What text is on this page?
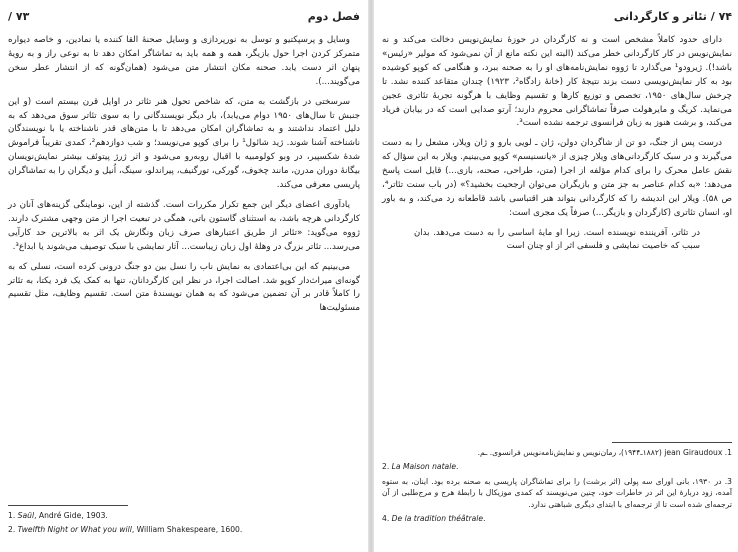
فصل دوم
۷۳ /

وسایل و پرسپکتیو و توسل به نورپردازی و وسایل صحنهٔ القا کننده یا نمادین، و خاصه دیواره متمرکز کردن اجرا حول بازیگر، همه و همه باید به تماشاگر امکان دهد تا به نوعی راز و به رویهٔ پنهان اثر دست یابد. صحنه مکان انتشار متن می‌شود (همان‌گونه که از انتشار عطر سخن می‌گویند...).

سرسختی در بازگشت به متن، که شاخص تحول هنر تئاتر در اوایل قرن بیستم است (و این جنبش تا سال‌های ۱۹۵۰ دوام می‌یابد)، بار دیگر نویسندگانی را به سوی تئاتر سوق می‌دهد که به دلیل اعتماد نداشتند و به تماشاگران امکان می‌دهد تا با متن‌های قدر ناشناخته یا با نویسندگان ناشناخته آشنا شوند. ژید شائول¹ را برای کوپو می‌نویسد؛ و شب دوازدهم²، کمدی تقریباً فراموش شدهٔ شکسپیر، در وبو کولومبیه با اقبال روبه‌رو می‌شود و اثر ژرژ پیتوئف بیشتر نمایش‌نویسان بیگانهٔ دوران مدرن، مانند چخوف، گورکی، تورگنیف، پیراندلو، سینگ، اُنیل و دیگران را به تماشاگران پاریسی معرفی می‌کند.

یادآوری اعضای دیگر این جمع تکرار مکررات است. گذشته از این، نوماینگی گزینه‌های آنان در کارگردانی هرچه باشد، به استثنای گاستون باتی، همگی در تبعیت اجرا از متن وجهی مشترک دارند. ژووه می‌گوید: «تئاتر از طریق اعتبارهای صرف زبان ونگارش یک اثر به بالاترین حد کارآیی می‌رسد... تئاتر بزرگ در وهلهٔ اول زبان زیباست... آثار نمایشی با سبک توصیف می‌شوند یا ابداع³.

می‌بینیم که این بی‌اعتمادی به نمایش ناب را نسل بین دو جنگ درونی کرده است، نسلی که به گونه‌ای میراث‌دار کوپو شد. اصالت اجرا، در نظر این کارگردانان، تنها به کمک یک فرد یکتا، به تئاتر را کاملاً قادر بر آن تضمین می‌شود که به همان نویسندهٔ متن است. تقسیم وظایف، مثل تقسیم مسئولیت‌ها

1. Saül, André Gide, 1903.
2. Twelfth Night or What you will, William Shakespeare, 1600.
۷۴ / تئاتر و کارگردانی

دارای حدود کاملاً مشخص است و نه کارگردان در حوزهٔ نمایش‌نویس دخالت می‌کند و نه نمایش‌نویس در کار کارگردانی خطر می‌کند (البته این نکته مانع از آن نمی‌شود که مولیر «رئیس» باشد!). ژیرودو¹ می‌گذارد تا ژووه نمایش‌نامه‌های او را به صحنه ببرد، و هنگامی که کوپو کوشیده بود به کار نمایش‌نویسی دست بزند نتیجهٔ کار (خانهٔ زادگاه²، ۱۹۲۳) چندان متقاعد کننده نشد. تا چرخش سال‌های ۱۹۵۰، تخصص و توزیع کارها و تقسیم وظایف با هرگونه تجربهٔ تئاتری عجین می‌نماید. کریگ و مایرهولت صرفاً تماشاگرانی محروم دارند؛ آرتو صدایی است که در بیابان فریاد می‌کند، و برشت هنوز به زبان فرانسوی ترجمه نشده است³.

درست پس از جنگ، دو تن از شاگردان دولن، ژان ـ لویی بارو و ژان ویلار، مشعل را به دست می‌گیرند و در سبک کارگردانی‌های ویلار چیزی از «یانسنیسم» کوپو می‌بینیم. ویلار به این سؤال که نقش عامل محرک را برای کدام مؤلفه از اجرا (متن، طراحی، صحنه، بازی...) قایل است پاسخ می‌دهد: «به کدام عناصر به جز متن و بازیگران می‌توان ارجحیت بخشید؟» (در باب سنت تئاتر⁴، ص ۵۸). ویلار این اندیشه را که کارگردانی بتواند هنر اقتباسی باشد قاطعانه رد می‌کند، و به باور او، انسان تئاتری (کارگردان و بازیگر...) صرفاً یک مجری است:

در تئاتر، آفریننده نویسنده است. زیرا او مایهٔ اساسی را به دست می‌دهد. بدان سبب که خاصیت نمایشی و فلسفی اثر از او چنان است
1. jean Giraudoux (۱۸۸۲ـ۱۹۴۴)، رمان‌نویس و نمایش‌نامه‌نویس فرانسوی. ـم.
2. La Maison natale.
3. در ۱۹۳۰، بانی اورای سه پولی (اثر برشت) را برای تماشاگران پاریسی به صحنه برده بود. اینان، به ستوه آمده، زود دربارهٔ این اثر در خاطرات خود، چنین می‌نویسند که کمدی موزیکال با رابطهٔ هرج و مرج‌طلبی از آن ترجمه‌ای شده است تا از ترجمه‌ای با ابتدای دیگری شباهتی ندارد.
4. De la tradition théâtrale.
